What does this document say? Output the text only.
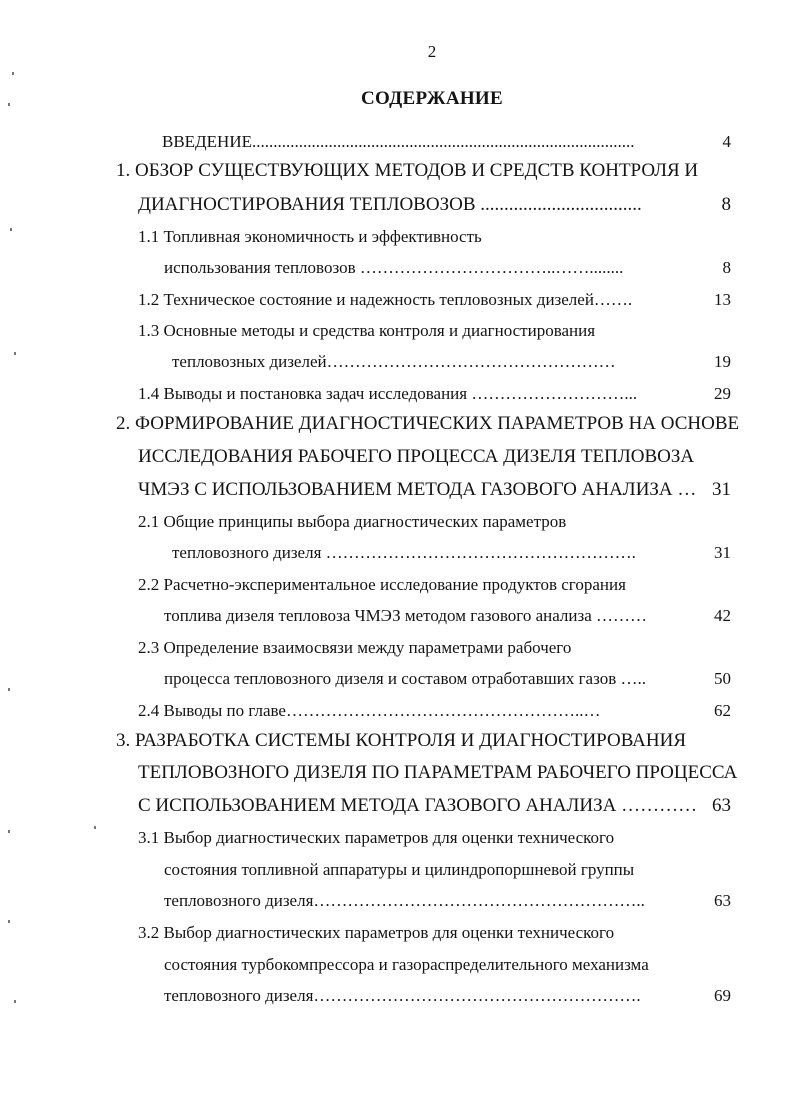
2
СОДЕРЖАНИЕ
ВВЕДЕНИЕ..........................................................................................	4
1. ОБЗОР СУЩЕСТВУЮЩИХ МЕТОДОВ И СРЕДСТВ КОНТРОЛЯ И
ДИАГНОСТИРОВАНИЯ ТЕПЛОВОЗОВ ..................................	8
1.1 Топливная экономичность и эффективность
использования тепловозов ……………………………..……........	8
1.2 Техническое состояние и надежность тепловозных дизелей…….	13
1.3 Основные методы и средства контроля и диагностирования
тепловозных дизелей……………………………………………	19
1.4 Выводы и постановка задач исследования ………………………...	29
2. ФОРМИРОВАНИЕ ДИАГНОСТИЧЕСКИХ ПАРАМЕТРОВ НА ОСНОВЕ
ИССЛЕДОВАНИЯ РАБОЧЕГО ПРОЦЕССА ДИЗЕЛЯ ТЕПЛОВОЗА
ЧМЭЗ С ИСПОЛЬЗОВАНИЕМ МЕТОДА ГАЗОВОГО АНАЛИЗА … 31
2.1 Общие принципы выбора диагностических параметров
тепловозного дизеля ……………………………………………….	31
2.2 Расчетно-экспериментальное исследование продуктов сгорания
топлива дизеля тепловоза ЧМЭЗ методом газового анализа ………	42
2.3 Определение взаимосвязи между параметрами рабочего
процесса тепловозного дизеля и составом отработавших газов …..	50
2.4 Выводы по главе……………………………………………..…	62
3. РАЗРАБОТКА СИСТЕМЫ КОНТРОЛЯ И ДИАГНОСТИРОВАНИЯ
ТЕПЛОВОЗНОГО ДИЗЕЛЯ ПО ПАРАМЕТРАМ РАБОЧЕГО ПРОЦЕССА
С ИСПОЛЬЗОВАНИЕМ МЕТОДА ГАЗОВОГО АНАЛИЗА ………… 63
3.1 Выбор диагностических параметров для оценки технического
состояния топливной аппаратуры и цилиндропоршневой группы
тепловозного дизеля…………………………………………………..	63
3.2 Выбор диагностических параметров для оценки технического
состояния турбокомпрессора и газораспределительного механизма
тепловозного дизеля………………………………………………….	69
